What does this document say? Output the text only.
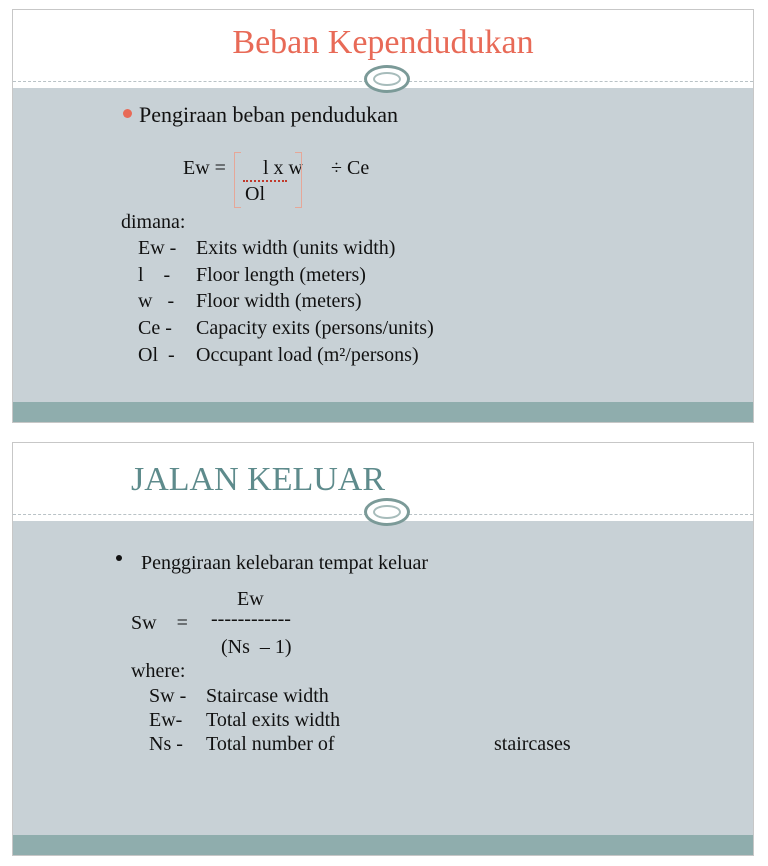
Beban Kependudukan
Pengiraan beban pendudukan
Ew = l x w
Ol
÷ Ce
dimana:
Ew - Exits width (units width)
l    - Floor length (meters)
w   - Floor width (meters)
Ce - Capacity exits (persons/units)
Ol  - Occupant load (m²/persons)
JALAN KELUAR
Penggiraan kelebaran tempat keluar
Ew
Sw    = ------------
(Ns  – 1)
where:
Sw - Staircase width
Ew- Total exits width
Ns - Total number of	staircases
